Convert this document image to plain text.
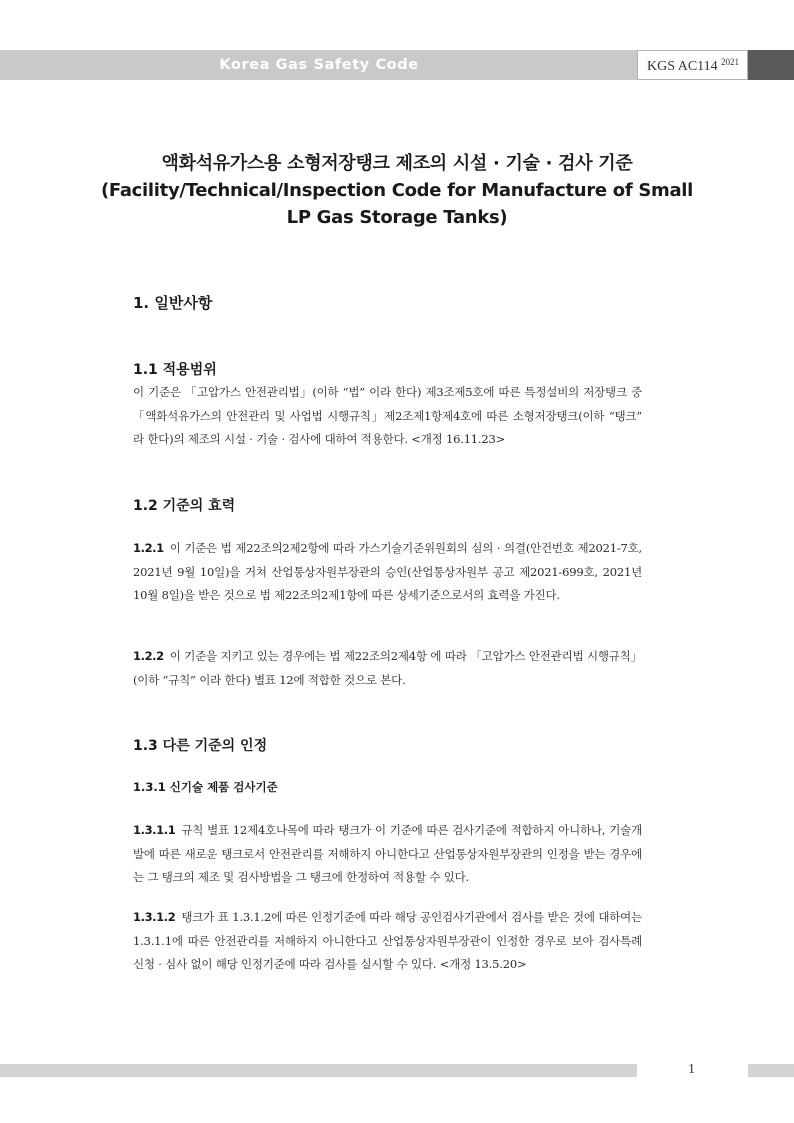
Korea Gas Safety Code	KGS AC114 2021
액화석유가스용 소형저장탱크 제조의 시설 · 기술 · 검사 기준
(Facility/Technical/Inspection Code for Manufacture of Small
LP Gas Storage Tanks)
1. 일반사항
1.1 적용범위
이 기준은 「고압가스 안전관리법」(이하 “법” 이라 한다) 제3조제5호에 따른 특정설비의 저장탱크 중 「액화석유가스의 안전관리 및 사업법 시행규칙」제2조제1항제4호에 따른 소형저장탱크(이하 “탱크” 라 한다)의 제조의 시설 · 기술 · 검사에 대하여 적용한다. <개정 16.11.23>
1.2 기준의 효력
1.2.1 이 기준은 법 제22조의2제2항에 따라 가스기술기준위원회의 심의 · 의결(안건번호 제2021-7호, 2021년 9월 10일)을 거쳐 산업통상자원부장관의 승인(산업통상자원부 공고 제2021-699호, 2021년 10월 8일)을 받은 것으로 법 제22조의2제1항에 따른 상세기준으로서의 효력을 가진다.
1.2.2 이 기준을 지키고 있는 경우에는 법 제22조의2제4항 에 따라 「고압가스 안전관리법 시행규칙」(이하 “규칙” 이라 한다) 별표 12에 적합한 것으로 본다.
1.3 다른 기준의 인정
1.3.1 신기술 제품 검사기준
1.3.1.1 규칙 별표 12제4호나목에 따라 탱크가 이 기준에 따른 검사기준에 적합하지 아니하나, 기술개발에 따른 새로운 탱크로서 안전관리를 저해하지 아니한다고 산업통상자원부장관의 인정을 받는 경우에는 그 탱크의 제조 및 검사방법을 그 탱크에 한정하여 적용할 수 있다.
1.3.1.2 탱크가 표 1.3.1.2에 따른 인정기준에 따라 해당 공인검사기관에서 검사를 받은 것에 대하여는 1.3.1.1에 따른 안전관리를 저해하지 아니한다고 산업통상자원부장관이 인정한 경우로 보아 검사특례 신청 · 심사 없이 해당 인정기준에 따라 검사를 실시할 수 있다. <개정 13.5.20>
1
